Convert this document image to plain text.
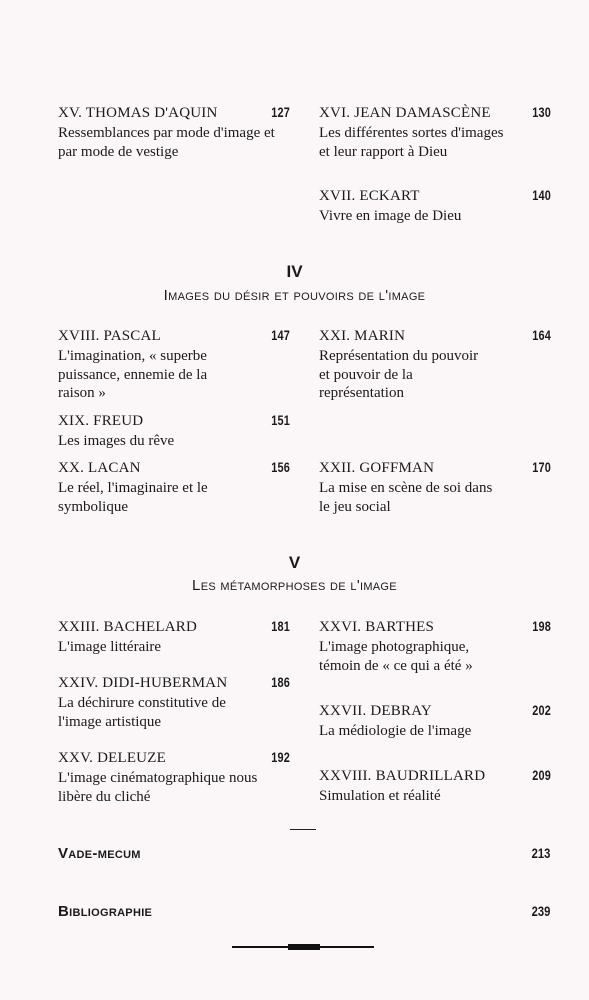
XV. THOMAS D'AQUIN	127
Ressemblances par mode d'image et par mode de vestige
XVI. JEAN DAMASCÈNE	130
Les différentes sortes d'images et leur rapport à Dieu
XVII. ECKART	140
Vivre en image de Dieu
IV
Images du désir et pouvoirs de l'image
XVIII. PASCAL	147
L'imagination, « superbe puissance, ennemie de la raison »
XIX. FREUD	151
Les images du rêve
XX. LACAN	156
Le réel, l'imaginaire et le symbolique
XXI. MARIN	164
Représentation du pouvoir et pouvoir de la représentation
XXII. GOFFMAN	170
La mise en scène de soi dans le jeu social
V
Les métamorphoses de l'image
XXIII. BACHELARD	181
L'image littéraire
XXIV. DIDI-HUBERMAN	186
La déchirure constitutive de l'image artistique
XXV. DELEUZE	192
L'image cinématographique nous libère du cliché
XXVI. BARTHES	198
L'image photographique, témoin de « ce qui a été »
XXVII. DEBRAY	202
La médiologie de l'image
XXVIII. BAUDRILLARD	209
Simulation et réalité
Vade-mecum	213
Bibliographie	239
